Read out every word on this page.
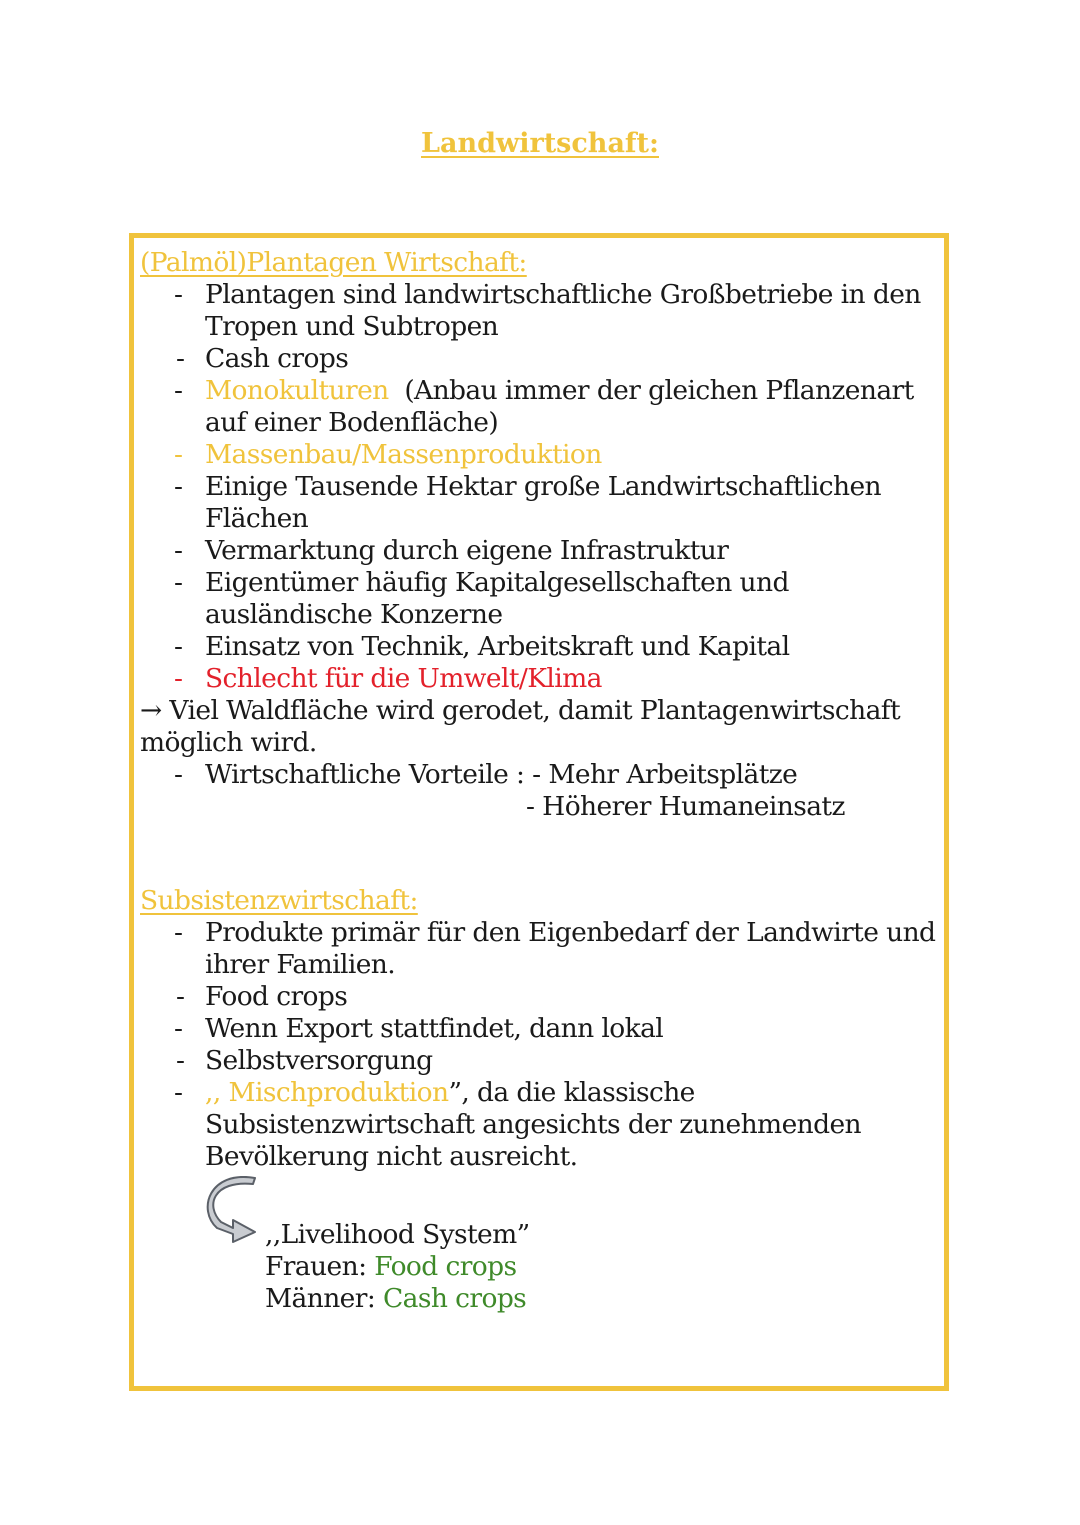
Landwirtschaft:
(Palmöl)Plantagen Wirtschaft:
- Plantagen sind landwirtschaftliche Großbetriebe in den
Tropen und Subtropen
- Cash crops
- Monokulturen (Anbau immer der gleichen Pflanzenart
auf einer Bodenfläche)
- Massenbau/Massenproduktion
- Einige Tausende Hektar große Landwirtschaftlichen
Flächen
- Vermarktung durch eigene Infrastruktur
- Eigentümer häufig Kapitalgesellschaften und
ausländische Konzerne
- Einsatz von Technik, Arbeitskraft und Kapital
- Schlecht für die Umwelt/Klima
→ Viel Waldfläche wird gerodet, damit Plantagenwirtschaft
möglich wird.
- Wirtschaftliche Vorteile : - Mehr Arbeitsplätze
- Höherer Humaneinsatz
Subsistenzwirtschaft:
- Produkte primär für den Eigenbedarf der Landwirte und
ihrer Familien.
- Food crops
- Wenn Export stattfindet, dann lokal
- Selbstversorgung
- ,, Mischproduktion”, da die klassische
Subsistenzwirtschaft angesichts der zunehmenden
Bevölkerung nicht ausreicht.
,,Livelihood System”
Frauen: Food crops
Männer: Cash crops
